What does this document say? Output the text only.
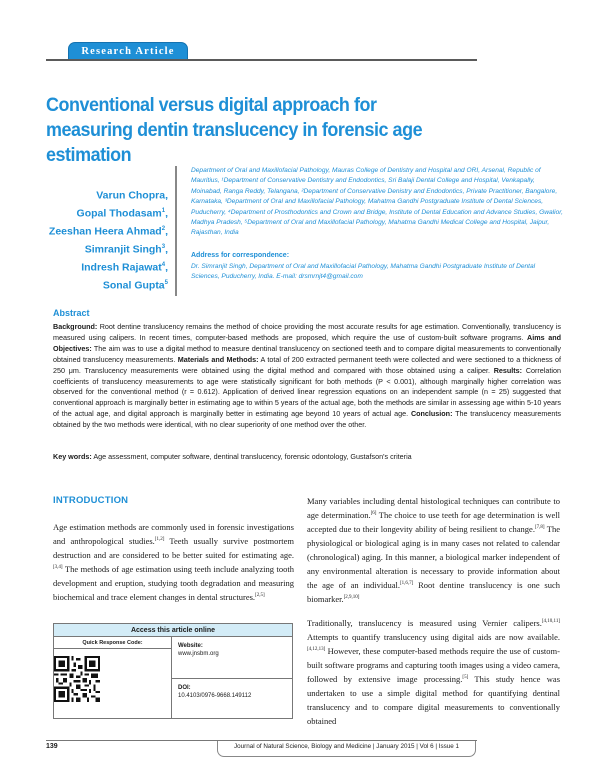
Research Article
Conventional versus digital approach for measuring dentin translucency in forensic age estimation
Varun Chopra,
Gopal Thodasam$^1$,
Zeeshan Heera Ahmad$^2$,
Simranjit Singh$^3$,
Indresh Rajawat$^4$,
Sonal Gupta$^5$
Department of Oral and Maxillofacial Pathology, Mauras College of Dentistry and Hospital and ORI, Arsenal, Republic of Mauritius, ¹Department of Conservative Dentistry and Endodontics, Sri Balaji Dental College and Hospital, Venkapally, Moinabad, Ranga Reddy, Telangana, ²Department of Conservative Denistry and Endodontics, Private Practitioner, Bangalore, Karnataka, ³Department of Oral and Maxillofacial Pathology, Mahatma Gandhi Postgraduate Institute of Dental Sciences, Puducherry, ⁴Department of Prosthodontics and Crown and Bridge, Institute of Dental Education and Advance Studies, Gwalior, Madhya Pradesh, ⁵Department of Oral and Maxillofacial Pathology, Mahatma Gandhi Medical College and Hospital, Jaipur, Rajasthan, India
Address for correspondence:
Dr. Simranjit Singh, Department of Oral and Maxillofacial Pathology, Mahatma Gandhi Postgraduate Institute of Dental Sciences, Puducherry, India. E-mail: drsmrnjt4@gmail.com
Abstract
Background: Root dentine translucency remains the method of choice providing the most accurate results for age estimation. Conventionally, translucency is measured using calipers. In recent times, computer-based methods are proposed, which require the use of custom-built software programs. Aims and Objectives: The aim was to use a digital method to measure dentinal translucency on sectioned teeth and to compare digital measurements to conventionally obtained translucency measurements. Materials and Methods: A total of 200 extracted permanent teeth were collected and were sectioned to a thickness of 250 μm. Translucency measurements were obtained using the digital method and compared with those obtained using a caliper. Results: Correlation coefficients of translucency measurements to age were statistically significant for both methods (P < 0.001), although marginally higher correlation was observed for the conventional method (r = 0.612). Application of derived linear regression equations on an independent sample (n = 25) suggested that conventional approach is marginally better in estimating age to within 5 years of the actual age, both the methods are similar in assessing age within 5-10 years of the actual age, and digital approach is marginally better in estimating age beyond 10 years of actual age. Conclusion: The translucency measurements obtained by the two methods were identical, with no clear superiority of one method over the other.
Key words: Age assessment, computer software, dentinal translucency, forensic odontology, Gustafson's criteria
INTRODUCTION

Age estimation methods are commonly used in forensic investigations and anthropological studies.[1,2] Teeth usually survive postmortem destruction and are considered to be better suited for estimating age.[3,4] The methods of age estimation using teeth include analyzing tooth development and eruption, studying tooth degradation and measuring biochemical and trace element changes in dental structures.[2,5]

Many variables including dental histological techniques can contribute to age determination.[6] The choice to use teeth for age determination is well accepted due to their longevity ability of being resilient to change.[7,8] The physiological or biological aging is in many cases not related to calendar (chronological) aging. In this manner, a biological marker independent of any environmental alteration is necessary to provide information about the age of an individual.[1,6,7] Root dentine translucency is one such biomarker.[2,9,10]

Traditionally, translucency is measured using Vernier calipers.[4,10,11] Attempts to quantify translucency using digital aids are now available.[4,12,13] However, these computer-based methods require the use of custom-built software programs and capturing tooth images using a video camera, followed by extensive image processing.[5] This study hence was undertaken to use a simple digital method for quantifying dentinal translucency and to compare digital measurements to conventionally obtained

Access this article online
Quick Response Code:	Website:
www.jnsbm.org
DOI:
10.4103/0976-9668.149112
139	Journal of Natural Science, Biology and Medicine | January 2015 | Vol 6 | Issue 1
